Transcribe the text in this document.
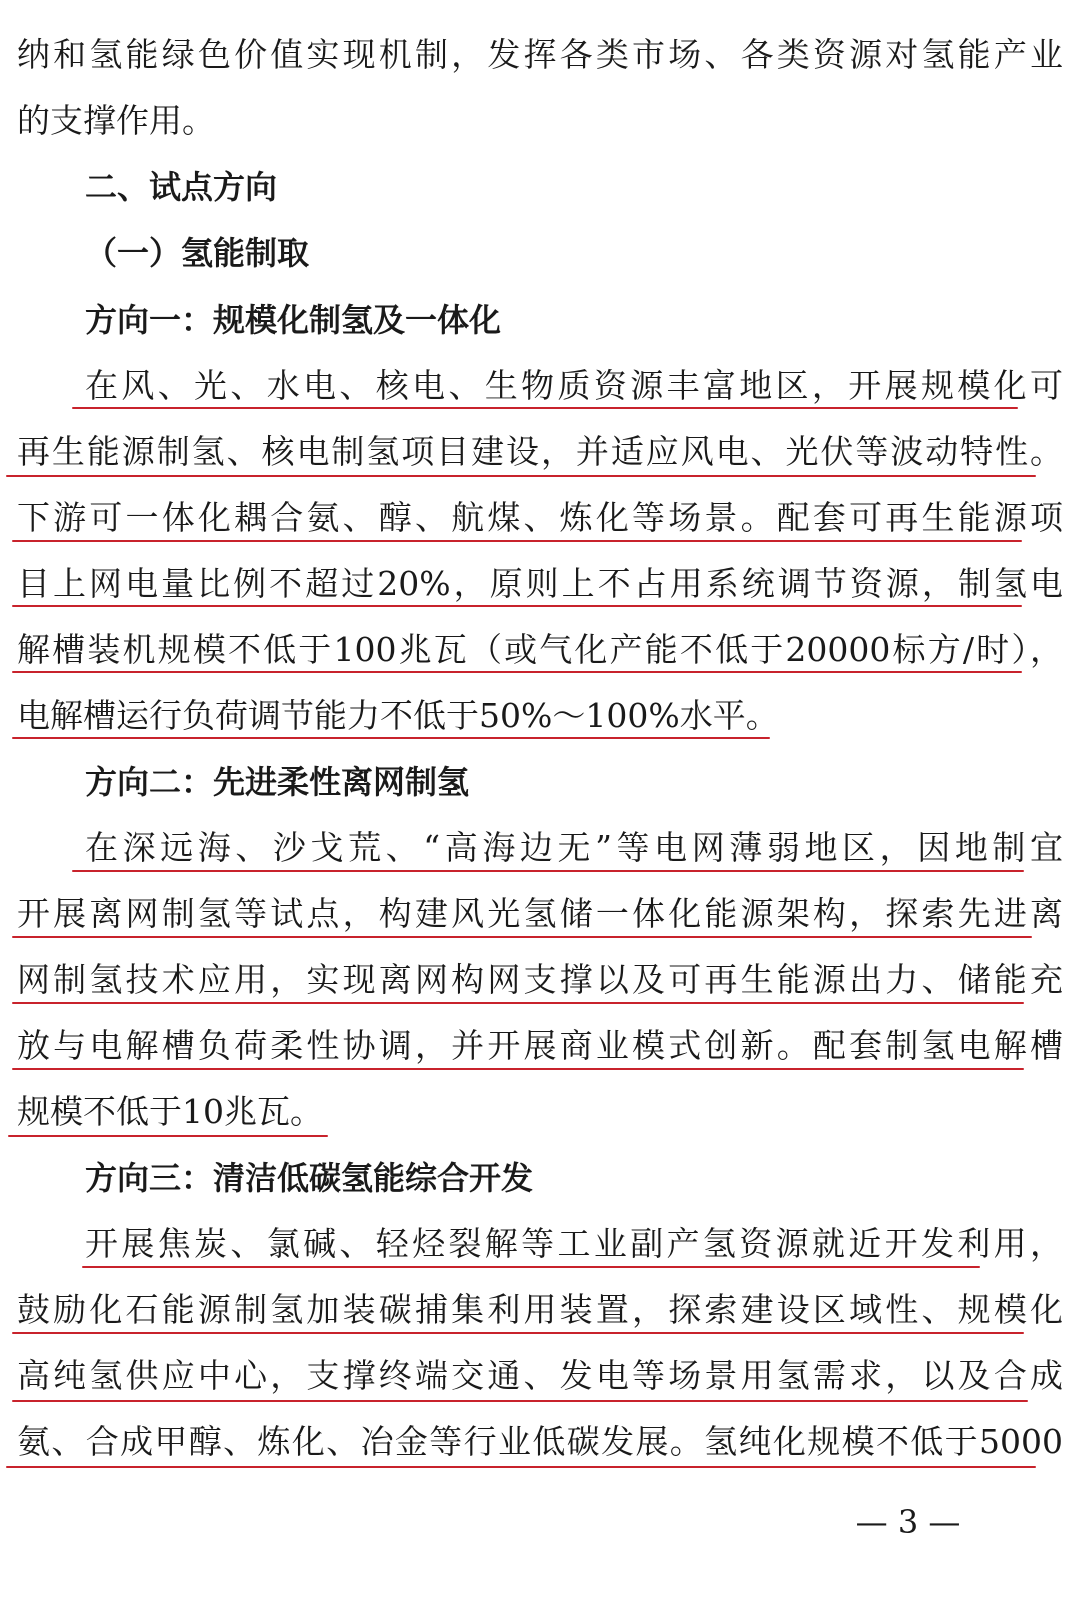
纳和氢能绿色价值实现机制，发挥各类市场、各类资源对氢能产业
的支撑作用。
二、试点方向
（一）氢能制取
方向一：规模化制氢及一体化
在风、光、水电、核电、生物质资源丰富地区，开展规模化可
再生能源制氢、核电制氢项目建设，并适应风电、光伏等波动特性。
下游可一体化耦合氨、醇、航煤、炼化等场景。配套可再生能源项
目上网电量比例不超过20%，原则上不占用系统调节资源，制氢电
解槽装机规模不低于100兆瓦（或气化产能不低于20000标方/时），
电解槽运行负荷调节能力不低于50%～100%水平。
方向二：先进柔性离网制氢
在深远海、沙戈荒、“高海边无”等电网薄弱地区，因地制宜
开展离网制氢等试点，构建风光氢储一体化能源架构，探索先进离
网制氢技术应用，实现离网构网支撑以及可再生能源出力、储能充
放与电解槽负荷柔性协调，并开展商业模式创新。配套制氢电解槽
规模不低于10兆瓦。
方向三：清洁低碳氢能综合开发
开展焦炭、氯碱、轻烃裂解等工业副产氢资源就近开发利用，
鼓励化石能源制氢加装碳捕集利用装置，探索建设区域性、规模化
高纯氢供应中心，支撑终端交通、发电等场景用氢需求，以及合成
氨、合成甲醇、炼化、冶金等行业低碳发展。氢纯化规模不低于5000
— 3 —
